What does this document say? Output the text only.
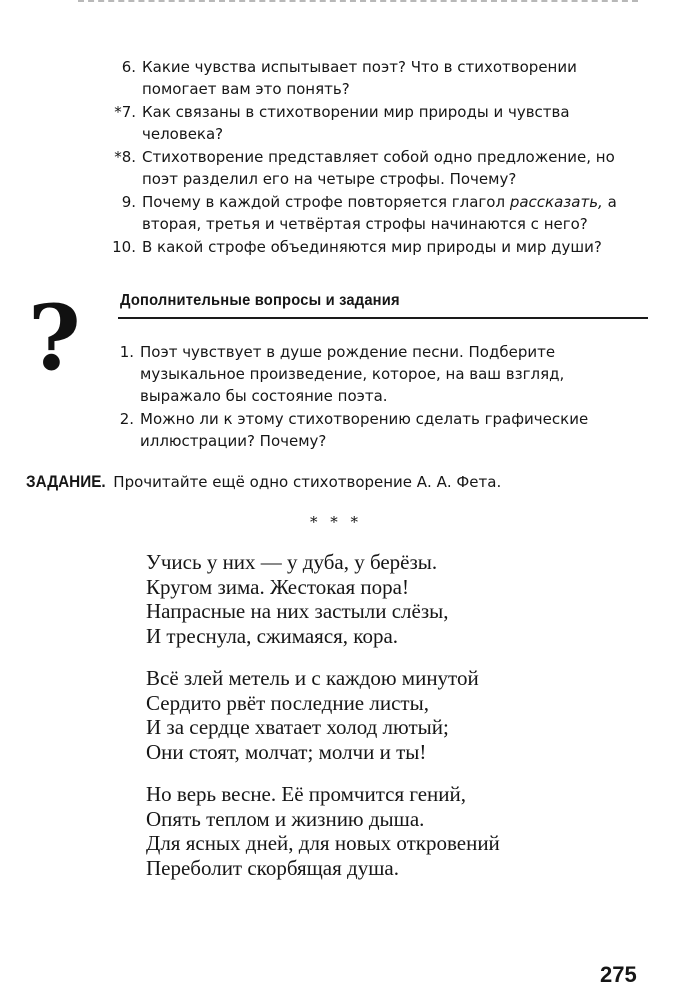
6. Какие чувства испытывает поэт? Что в стихотворении помогает вам это понять?
*7. Как связаны в стихотворении мир природы и чувства человека?
*8. Стихотворение представляет собой одно предложение, но поэт разделил его на четыре строфы. Почему?
9. Почему в каждой строфе повторяется глагол рассказать, а вторая, третья и четвёртая строфы начинаются с него?
10. В какой строфе объединяются мир природы и мир души?
? Дополнительные вопросы и задания
1. Поэт чувствует в душе рождение песни. Подберите музыкальное произведение, которое, на ваш взгляд, выражало бы состояние поэта.
2. Можно ли к этому стихотворению сделать графические иллюстрации? Почему?
ЗАДАНИЕ. Прочитайте ещё одно стихотворение А. А. Фета.
* * *
Учись у них — у дуба, у берёзы.
Кругом зима. Жестокая пора!
Напрасные на них застыли слёзы,
И треснула, сжимаяся, кора.
Всё злей метель и с каждою минутой
Сердито рвёт последние листы,
И за сердце хватает холод лютый;
Они стоят, молчат; молчи и ты!
Но верь весне. Её промчится гений,
Опять теплом и жизнию дыша.
Для ясных дней, для новых откровений
Переболит скорбящая душа.
275
